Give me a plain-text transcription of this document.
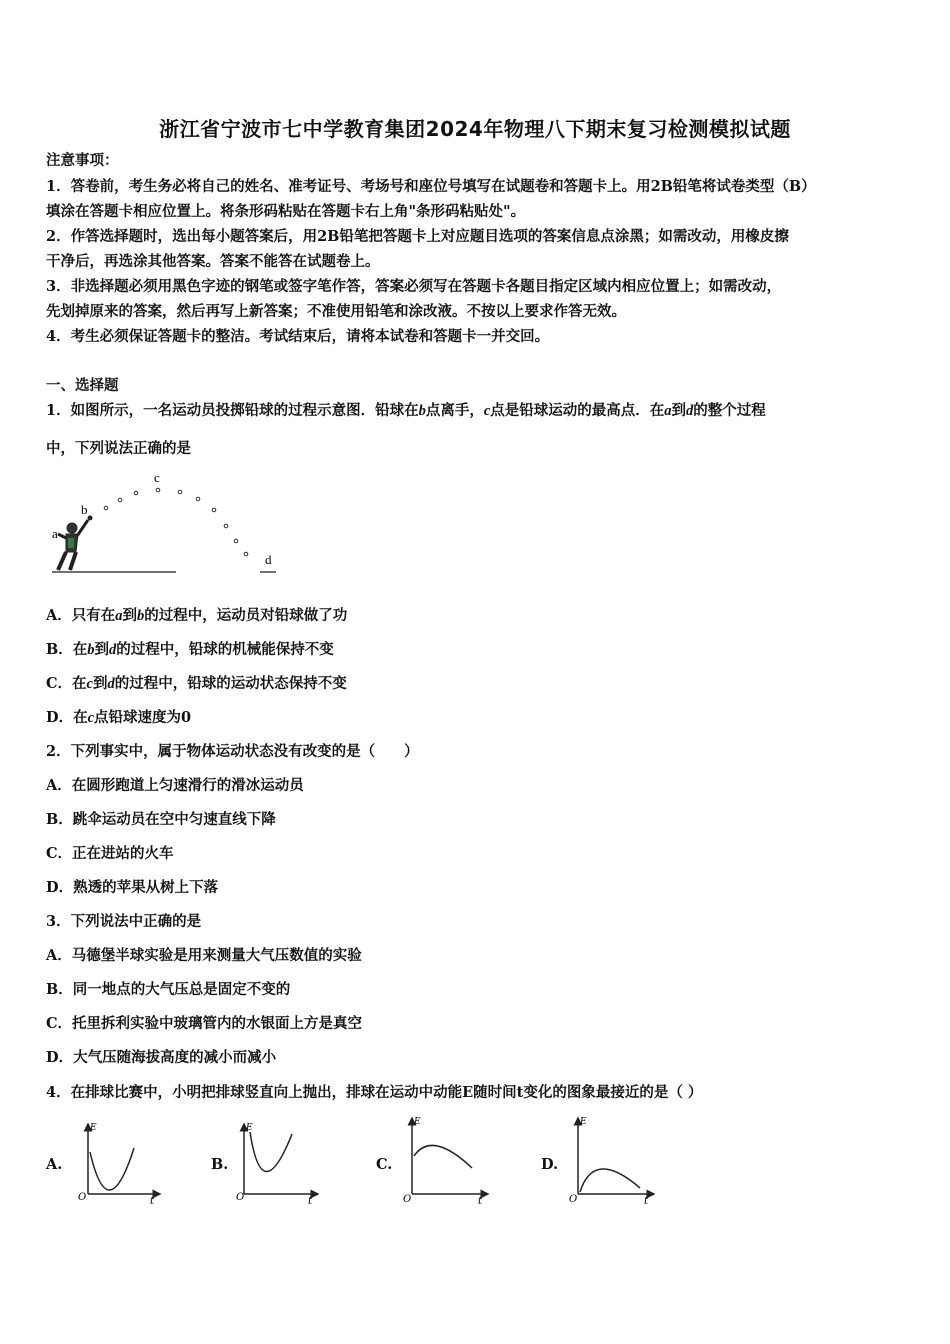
浙江省宁波市七中学教育集团2024年物理八下期末复习检测模拟试题
注意事项：
1．答卷前，考生务必将自己的姓名、准考证号、考场号和座位号填写在试题卷和答题卡上。用2B铅笔将试卷类型（B）
填涂在答题卡相应位置上。将条形码粘贴在答题卡右上角"条形码粘贴处"。
2．作答选择题时，选出每小题答案后，用2B铅笔把答题卡上对应题目选项的答案信息点涂黑；如需改动，用橡皮擦
干净后，再选涂其他答案。答案不能答在试题卷上。
3．非选择题必须用黑色字迹的钢笔或签字笔作答，答案必须写在答题卡各题目指定区域内相应位置上；如需改动，
先划掉原来的答案，然后再写上新答案；不准使用铅笔和涂改液。不按以上要求作答无效。
4．考生必须保证答题卡的整洁。考试结束后，请将本试卷和答题卡一并交回。
一、选择题
1．如图所示，一名运动员投掷铅球的过程示意图．铅球在b点离手，c点是铅球运动的最高点．在a到d的整个过程
中，下列说法正确的是
a
b
c
d
A．只有在a到b的过程中，运动员对铅球做了功
B．在b到d的过程中，铅球的机械能保持不变
C．在c到d的过程中，铅球的运动状态保持不变
D．在c点铅球速度为0
2．下列事实中，属于物体运动状态没有改变的是（　　）
A．在圆形跑道上匀速滑行的滑冰运动员
B．跳伞运动员在空中匀速直线下降
C．正在进站的火车
D．熟透的苹果从树上下落
3．下列说法中正确的是
A．马德堡半球实验是用来测量大气压数值的实验
B．同一地点的大气压总是固定不变的
C．托里拆利实验中玻璃管内的水银面上方是真空
D．大气压随海拔高度的减小而减小
4．在排球比赛中，小明把排球竖直向上抛出，排球在运动中动能E随时间t变化的图象最接近的是（ ）
A.
E
O	t
B.
E
O	t
C.
E
O	t
D.
E
O	t
